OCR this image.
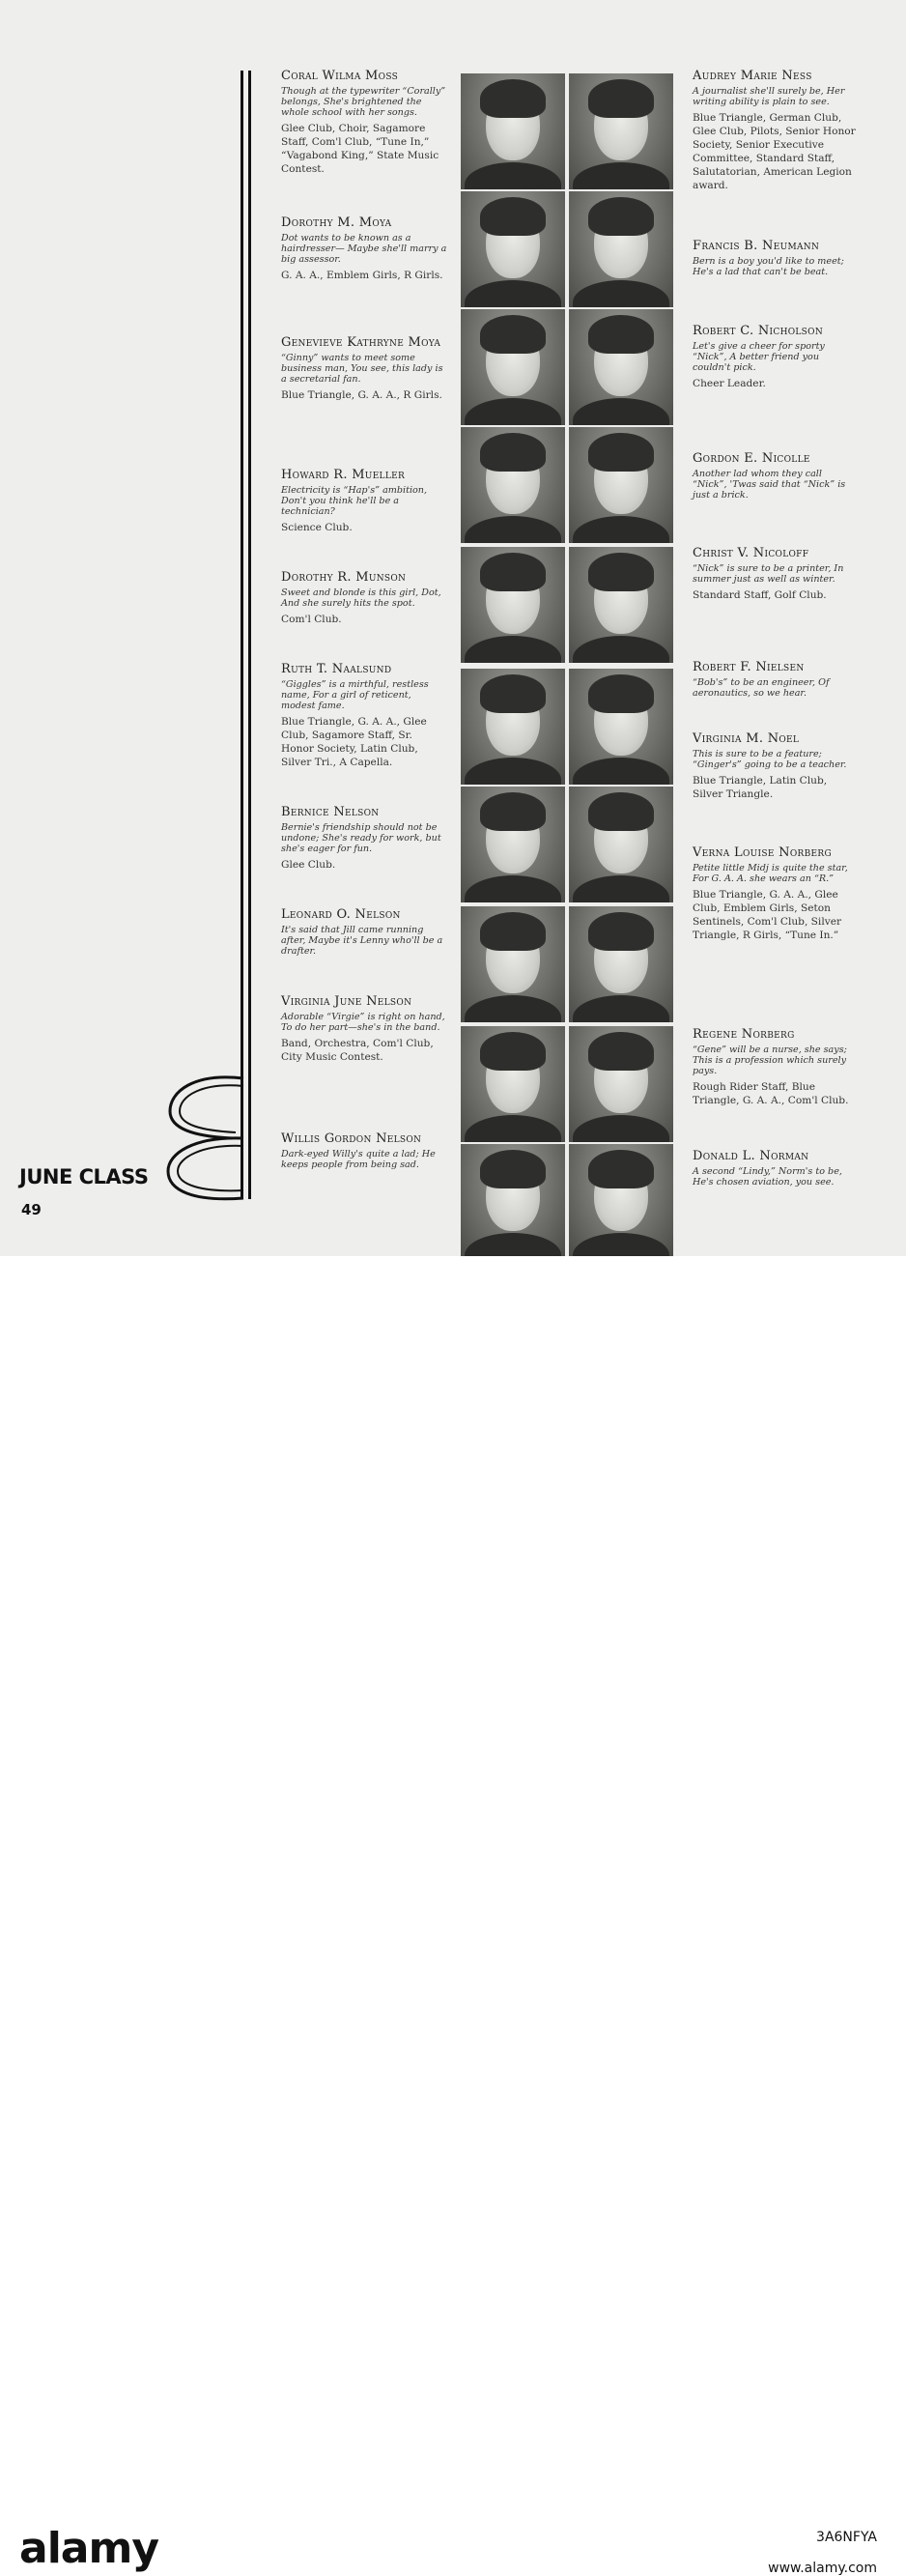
JUNE CLASS
49
Coral Wilma Moss

Though at the typewriter “Corally” belongs, She's brightened the whole school with her songs.

Glee Club, Choir, Sagamore Staff, Com'l Club, “Tune In,” “Vagabond King,” State Music Contest.

Dorothy M. Moya

Dot wants to be known as a hairdresser— Maybe she'll marry a big assessor.

G. A. A., Emblem Girls, R Girls.

Genevieve Kathryne Moya

“Ginny” wants to meet some business man, You see, this lady is a secretarial fan.

Blue Triangle, G. A. A., R Girls.

Howard R. Mueller

Electricity is “Hap's” ambition, Don't you think he'll be a technician?

Science Club.

Dorothy R. Munson

Sweet and blonde is this girl, Dot, And she surely hits the spot.

Com'l Club.

Ruth T. Naalsund

“Giggles” is a mirthful, restless name, For a girl of reticent, modest fame.

Blue Triangle, G. A. A., Glee Club, Sagamore Staff, Sr. Honor Society, Latin Club, Silver Tri., A Capella.

Bernice Nelson

Bernie's friendship should not be undone; She's ready for work, but she's eager for fun.

Glee Club.

Leonard O. Nelson

It's said that Jill came running after, Maybe it's Lenny who'll be a drafter.

Virginia June Nelson

Adorable “Virgie” is right on hand, To do her part—she's in the band.

Band, Orchestra, Com'l Club, City Music Contest.

Willis Gordon Nelson

Dark-eyed Willy's quite a lad; He keeps people from being sad.

Audrey Marie Ness

A journalist she'll surely be, Her writing ability is plain to see.

Blue Triangle, German Club, Glee Club, Pilots, Senior Honor Society, Senior Executive Committee, Standard Staff, Salutatorian, American Legion award.

Francis B. Neumann

Bern is a boy you'd like to meet; He's a lad that can't be beat.

Robert C. Nicholson

Let's give a cheer for sporty “Nick”, A better friend you couldn't pick.

Cheer Leader.

Gordon E. Nicolle

Another lad whom they call “Nick”, 'Twas said that “Nick” is just a brick.

Christ V. Nicoloff

“Nick” is sure to be a printer, In summer just as well as winter.

Standard Staff, Golf Club.

Robert F. Nielsen

“Bob's” to be an engineer, Of aeronautics, so we hear.

Virginia M. Noel

This is sure to be a feature; “Ginger's” going to be a teacher.

Blue Triangle, Latin Club, Silver Triangle.

Verna Louise Norberg

Petite little Midj is quite the star, For G. A. A. she wears an “R.”

Blue Triangle, G. A. A., Glee Club, Emblem Girls, Seton Sentinels, Com'l Club, Silver Triangle, R Girls, “Tune In.”

Regene Norberg

“Gene” will be a nurse, she says; This is a profession which surely pays.

Rough Rider Staff, Blue Triangle, G. A. A., Com'l Club.

Donald L. Norman

A second “Lindy,” Norm's to be, He's chosen aviation, you see.

alamy	3A6NFYA
www.alamy.com
